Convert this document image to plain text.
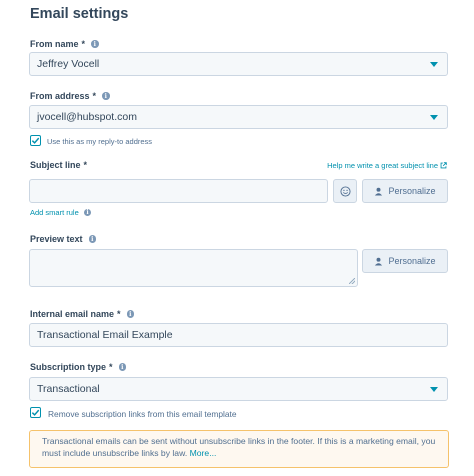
Email settings
From name *	i
Jeffrey Vocell
From address *	i
jvocell@hubspot.com
Use this as my reply-to address
Subject line *	Help me write a great subject line
Personalize
Add smart rule	i
Preview text	i
Personalize
Internal email name *	i
Transactional Email Example
Subscription type *	i
Transactional
Remove subscription links from this email template
Transactional emails can be sent without unsubscribe links in the footer. If this is a marketing email, you must include unsubscribe links by law. More...
